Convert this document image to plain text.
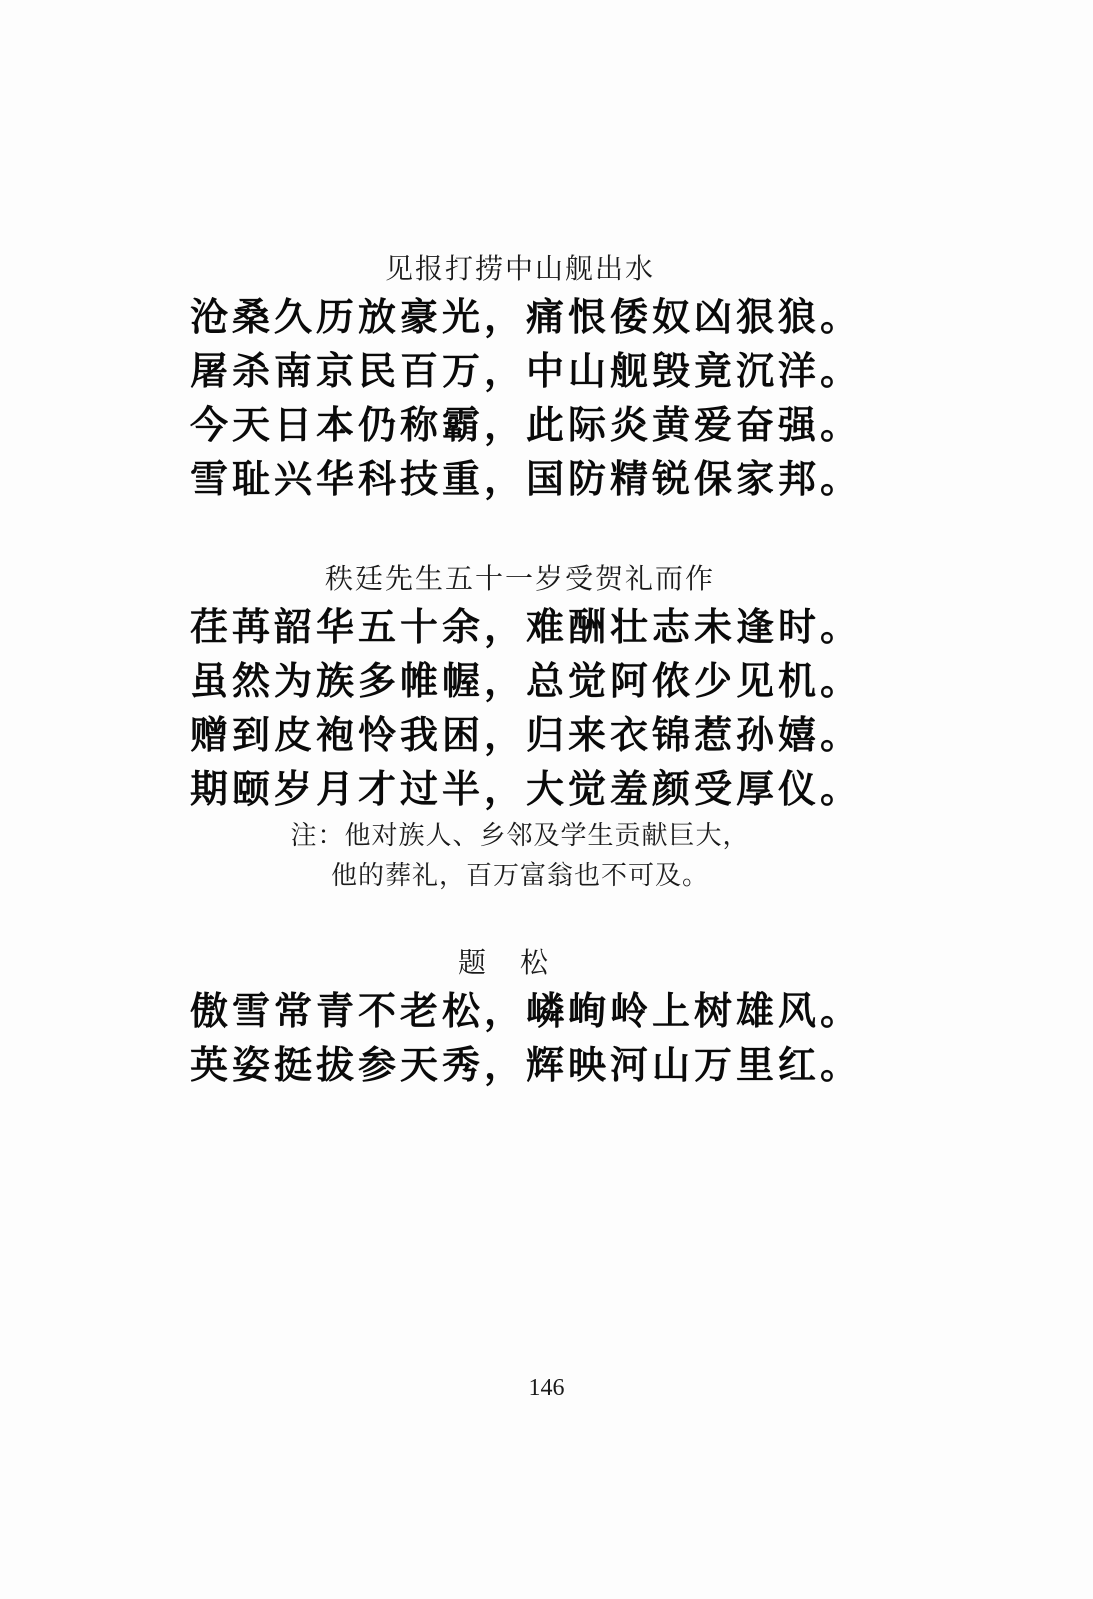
见报打捞中山舰出水
沧桑久历放豪光，痛恨倭奴凶狠狼。
屠杀南京民百万，中山舰毁竟沉洋。
今天日本仍称霸，此际炎黄爱奋强。
雪耻兴华科技重，国防精锐保家邦。
秩廷先生五十一岁受贺礼而作
荏苒韶华五十余，难酬壮志未逢时。
虽然为族多帷幄，总觉阿侬少见机。
赠到皮袍怜我困，归来衣锦惹孙嬉。
期颐岁月才过半，大觉羞颜受厚仪。
注：他对族人、乡邻及学生贡献巨大，
他的葬礼，百万富翁也不可及。
题松
傲雪常青不老松，嶙峋岭上树雄风。
英姿挺拔参天秀，辉映河山万里红。
146
